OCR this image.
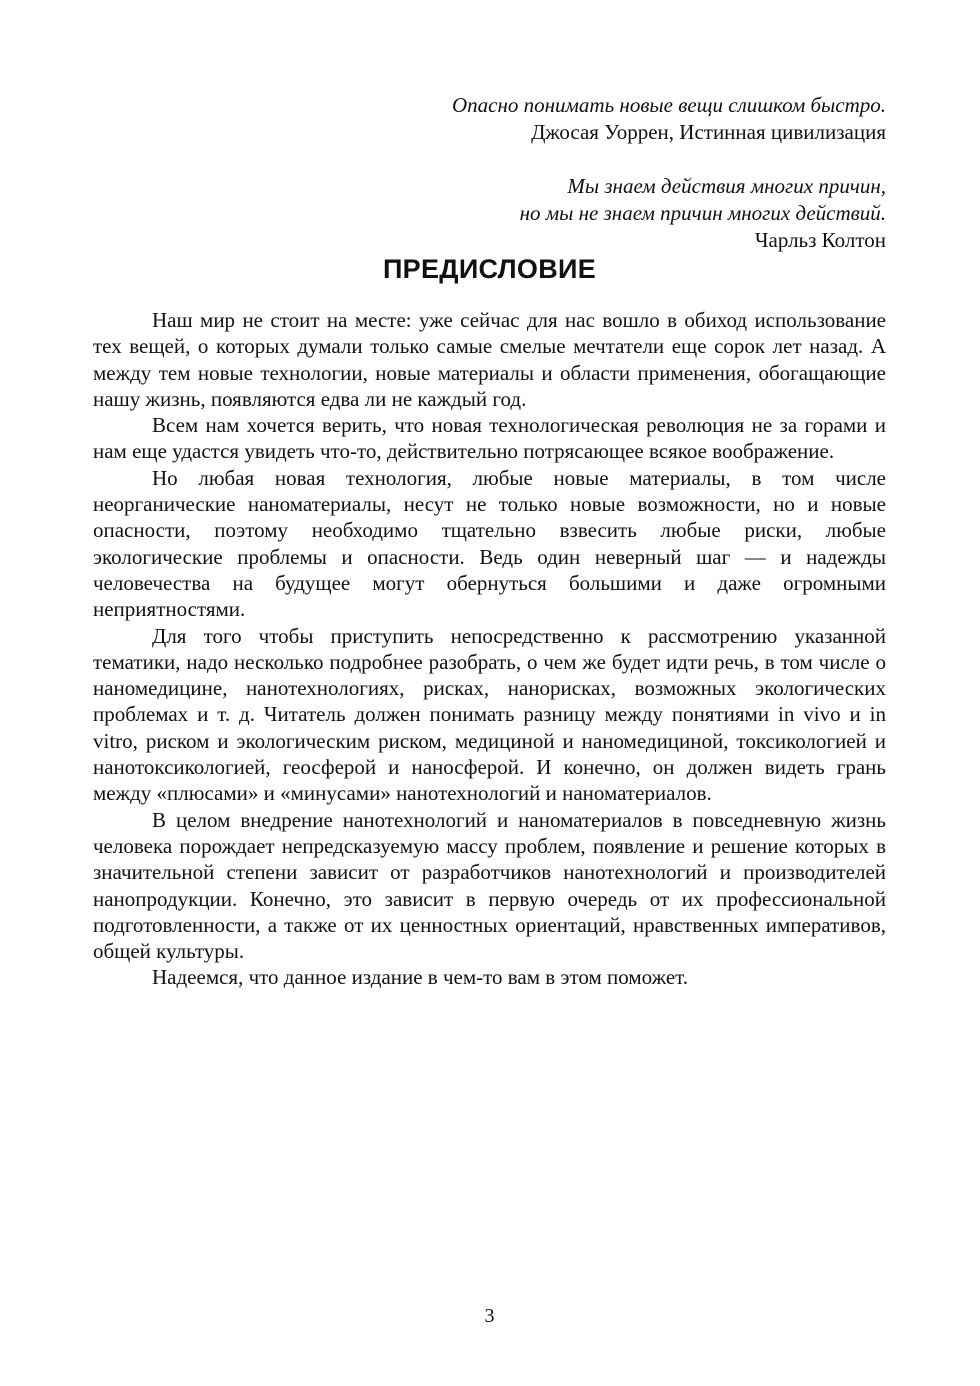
Опасно понимать новые вещи слишком быстро.
Джосая Уоррен, Истинная цивилизация
Мы знаем действия многих причин,
но мы не знаем причин многих действий.
Чарльз Колтон
ПРЕДИСЛОВИЕ

Наш мир не стоит на месте: уже сейчас для нас вошло в обиход использование тех вещей, о которых думали только самые смелые мечтатели еще сорок лет назад. А между тем новые технологии, новые материалы и области применения, обогащающие нашу жизнь, появляются едва ли не каждый год.

Всем нам хочется верить, что новая технологическая революция не за горами и нам еще удастся увидеть что-то, действительно потрясающее всякое воображение.

Но любая новая технология, любые новые материалы, в том числе неорганические наноматериалы, несут не только новые возможности, но и новые опасности, поэтому необходимо тщательно взвесить любые риски, любые экологические проблемы и опасности. Ведь один неверный шаг — и надежды человечества на будущее могут обернуться большими и даже огромными неприятностями.

Для того чтобы приступить непосредственно к рассмотрению указанной тематики, надо несколько подробнее разобрать, о чем же будет идти речь, в том числе о наномедицине, нанотехнологиях, рисках, нанорисках, возможных экологических проблемах и т. д. Читатель должен понимать разницу между понятиями in vivo и in vitro, риском и экологическим риском, медициной и наномедициной, токсикологией и нанотоксикологией, геосферой и наносферой. И конечно, он должен видеть грань между «плюсами» и «минусами» нанотехнологий и наноматериалов.

В целом внедрение нанотехнологий и наноматериалов в повседневную жизнь человека порождает непредсказуемую массу проблем, появление и решение которых в значительной степени зависит от разработчиков нанотехнологий и производителей нанопродукции. Конечно, это зависит в первую очередь от их профессиональной подготовленности, а также от их ценностных ориентаций, нравственных императивов, общей культуры.

Надеемся, что данное издание в чем-то вам в этом поможет.

3
